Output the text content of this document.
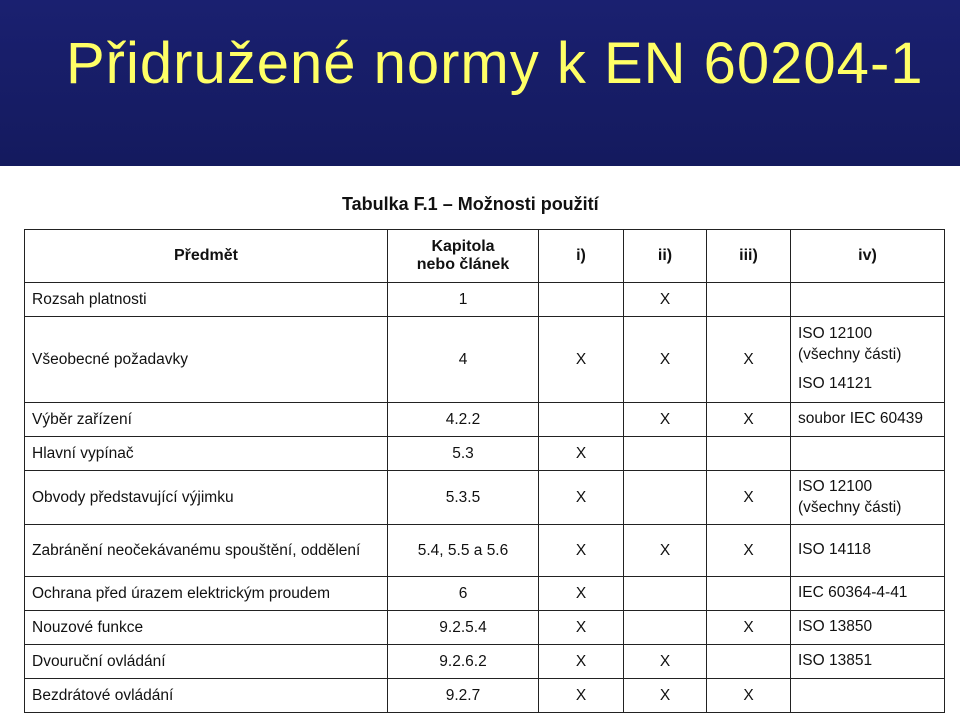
Přidružené normy k EN 60204-1
Tabulka F.1 – Možnosti použití
Předmět	Kapitola
nebo článek	i)	ii)	iii)	iv)
Rozsah platnosti	1		X		
Všeobecné požadavky	4	X	X	X	ISO 12100
(všechny části)
ISO 14121

Výběr zařízení	4.2.2		X	X	soubor IEC 60439

Hlavní vypínač	5.3	X			
Obvody představující výjimku	5.3.5	X		X	ISO 12100
(všechny části)

Zabránění neočekávanému spouštění, oddělení	5.4, 5.5 a 5.6	X	X	X	ISO 14118

Ochrana před úrazem elektrickým proudem	6	X			IEC 60364-4-41

Nouzové funkce	9.2.5.4	X		X	ISO 13850

Dvouruční ovládání	9.2.6.2	X	X		ISO 13851

Bezdrátové ovládání	9.2.7	X	X	X	
